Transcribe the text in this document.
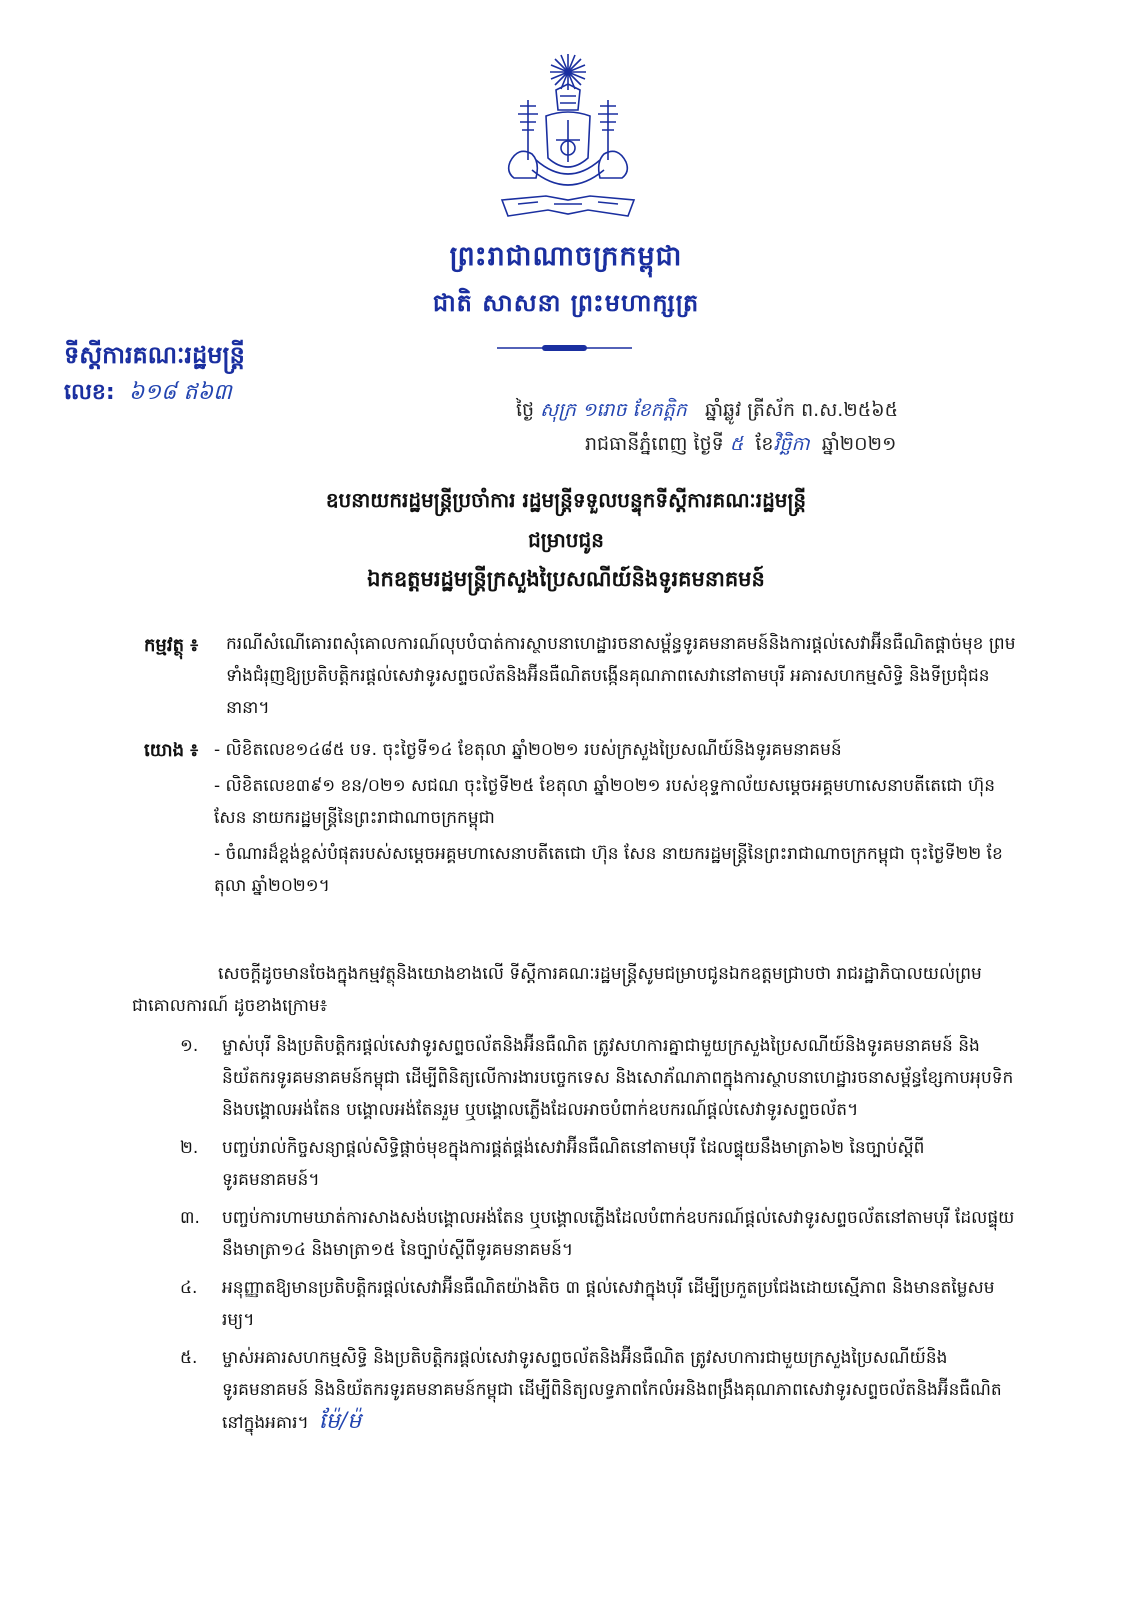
ព្រះរាជាណាចក្រកម្ពុជា
ជាតិ សាសនា ព្រះមហាក្សត្រ
ទីស្ដីការគណៈរដ្ឋមន្ត្រី
លេខ: ៦១៨ ឥ៦៣
ថ្ងៃ សុក្រ ១រោច ខែកត្ដិក ឆ្នាំឆ្លូវ ត្រីស័ក ព.ស.២៥៦៥
រាជធានីភ្នំពេញ ថ្ងៃទី ៥ ខែវិច្ឆិកា ឆ្នាំ២០២១
ឧបនាយករដ្ឋមន្ត្រីប្រចាំការ រដ្ឋមន្ត្រីទទួលបន្ទុកទីស្ដីការគណៈរដ្ឋមន្ត្រី
ជម្រាបជូន
ឯកឧត្តមរដ្ឋមន្ត្រីក្រសួងប្រៃសណីយ៍និងទូរគមនាគមន៍
កម្មវត្ថុ ៖ ករណីសំណើគោរពសុំគោលការណ៍លុបបំបាត់ការស្ថាបនាហេដ្ឋារចនាសម្ព័ន្ធទូរគមនាគមន៍និងការផ្ដល់សេវាអ៊ីនធឺណិតផ្ដាច់មុខ ព្រមទាំងជំរុញឱ្យប្រតិបត្តិករផ្ដល់សេវាទូរសព្ទចល័តនិងអ៊ីនធឺណិតបង្កើនគុណភាពសេវានៅតាមបុរី អគារសហកម្មសិទ្ធិ និងទីប្រជុំជននានា។
យោង ៖ - លិខិតលេខ១៤៨៥ បទ. ចុះថ្ងៃទី១៤ ខែតុលា ឆ្នាំ២០២១ របស់ក្រសួងប្រៃសណីយ៍និងទូរគមនាគមន៍

- លិខិតលេខ៣៩១ ខន/០២១ សជណ ចុះថ្ងៃទី២៥ ខែតុលា ឆ្នាំ២០២១ របស់ខុទ្ទកាល័យសម្ដេចអគ្គមហាសេនាបតីតេជោ ហ៊ុន សែន នាយករដ្ឋមន្ត្រីនៃព្រះរាជាណាចក្រកម្ពុជា

- ចំណារដ៏ខ្ពង់ខ្ពស់បំផុតរបស់សម្ដេចអគ្គមហាសេនាបតីតេជោ ហ៊ុន សែន នាយករដ្ឋមន្ត្រីនៃព្រះរាជាណាចក្រកម្ពុជា ចុះថ្ងៃទី២២ ខែតុលា ឆ្នាំ២០២១។

សេចក្ដីដូចមានចែងក្នុងកម្មវត្ថុនិងយោងខាងលើ ទីស្ដីការគណៈរដ្ឋមន្ត្រីសូមជម្រាបជូនឯកឧត្តមជ្រាបថា រាជរដ្ឋាភិបាលយល់ព្រមជាគោលការណ៍ ដូចខាងក្រោម៖
១. ម្ចាស់បុរី និងប្រតិបត្តិករផ្ដល់សេវាទូរសព្ទចល័តនិងអ៊ីនធឺណិត ត្រូវសហការគ្នាជាមួយក្រសួងប្រៃសណីយ៍និងទូរគមនាគមន៍ និងនិយ័តករទូរគមនាគមន៍កម្ពុជា ដើម្បីពិនិត្យលើការងារបច្ចេកទេស និងសោភ័ណភាពក្នុងការស្ថាបនាហេដ្ឋារចនាសម្ព័ន្ធខ្សែកាបអុបទិក និងបង្គោលអង់តែន បង្គោលអង់តែនរួម ឬបង្គោលភ្លើងដែលអាចបំពាក់ឧបករណ៍ផ្ដល់សេវាទូរសព្ទចល័ត។
២. បញ្ចប់រាល់កិច្ចសន្យាផ្ដល់សិទ្ធិផ្ដាច់មុខក្នុងការផ្គត់ផ្គង់សេវាអ៊ីនធឺណិតនៅតាមបុរី ដែលផ្ទុយនឹងមាត្រា៦២ នៃច្បាប់ស្ដីពីទូរគមនាគមន៍។
៣. បញ្ចប់ការហាមឃាត់ការសាងសង់បង្គោលអង់តែន ឬបង្គោលភ្លើងដែលបំពាក់ឧបករណ៍ផ្ដល់សេវាទូរសព្ទចល័តនៅតាមបុរី ដែលផ្ទុយនឹងមាត្រា១៤ និងមាត្រា១៥ នៃច្បាប់ស្ដីពីទូរគមនាគមន៍។
៤. អនុញ្ញាតឱ្យមានប្រតិបត្តិករផ្ដល់សេវាអ៊ីនធឺណិតយ៉ាងតិច ៣ ផ្ដល់សេវាក្នុងបុរី ដើម្បីប្រកួតប្រជែងដោយស្មើភាព និងមានតម្លៃសមរម្យ។
៥. ម្ចាស់អគារសហកម្មសិទ្ធិ និងប្រតិបត្តិករផ្ដល់សេវាទូរសព្ទចល័តនិងអ៊ីនធឺណិត ត្រូវសហការជាមួយក្រសួងប្រៃសណីយ៍និងទូរគមនាគមន៍ និងនិយ័តករទូរគមនាគមន៍កម្ពុជា ដើម្បីពិនិត្យលទ្ធភាពកែលំអនិងពង្រឹងគុណភាពសេវាទូរសព្ទចល័តនិងអ៊ីនធឺណិតនៅក្នុងអគារ។ ម៉ែ/ម៉
